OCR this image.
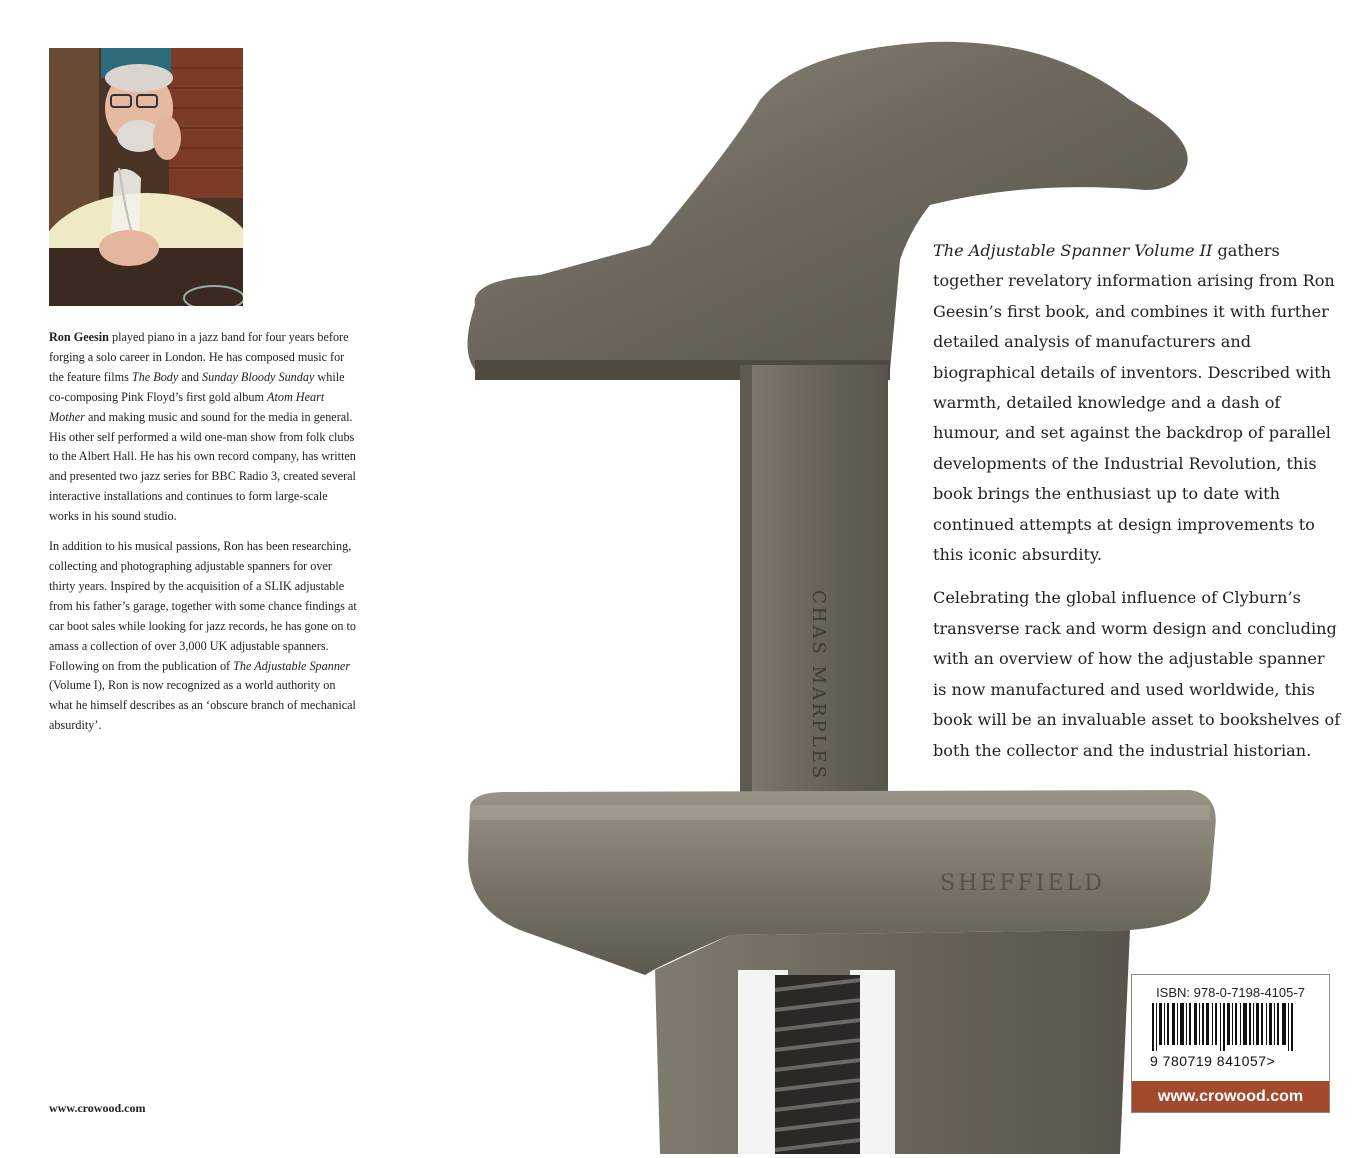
Ron Geesin played piano in a jazz band for four years before forging a solo career in London. He has composed music for the feature films The Body and Sunday Bloody Sunday while co-composing Pink Floyd’s first gold album Atom Heart Mother and making music and sound for the media in general. His other self performed a wild one-man show from folk clubs to the Albert Hall. He has his own record company, has written and presented two jazz series for BBC Radio 3, created several interactive installations and continues to form large-scale works in his sound studio.

In addition to his musical passions, Ron has been researching, collecting and photographing adjustable spanners for over thirty years. Inspired by the acquisition of a SLIK adjustable from his father’s garage, together with some chance findings at car boot sales while looking for jazz records, he has gone on to amass a collection of over 3,000 UK adjustable spanners. Following on from the publication of The Adjustable Spanner (Volume I), Ron is now recognized as a world authority on what he himself describes as an ‘obscure branch of mechanical absurdity’.

www.crowood.com
CHAS MARPLES
SHEFFIELD

The Adjustable Spanner Volume II gathers together revelatory information arising from Ron Geesin’s first book, and combines it with further detailed analysis of manufacturers and biographical details of inventors. Described with warmth, detailed knowledge and a dash of humour, and set against the backdrop of parallel developments of the Industrial Revolution, this book brings the enthusiast up to date with continued attempts at design improvements to this iconic absurdity.

Celebrating the global influence of Clyburn’s transverse rack and worm design and concluding with an overview of how the adjustable spanner is now manufactured and used worldwide, this book will be an invaluable asset to bookshelves of both the collector and the industrial historian.

ISBN: 978-0-7198-4105-7
9 780719 841057>
www.crowood.com
